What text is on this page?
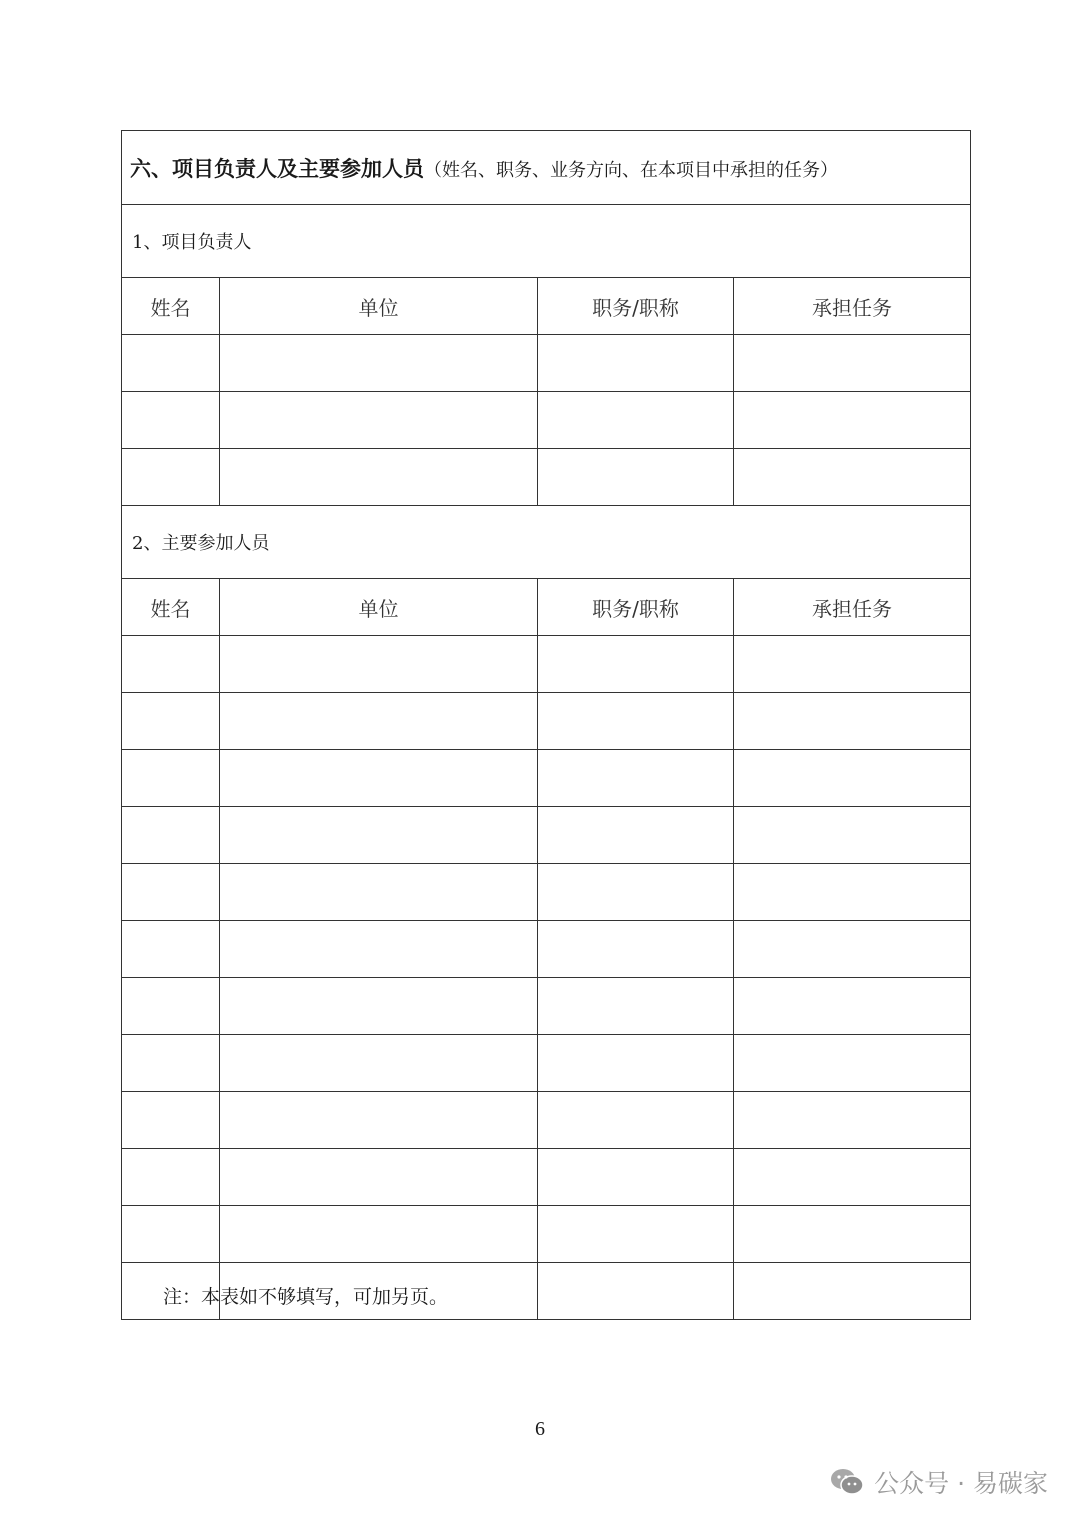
六、项目负责人及主要参加人员（姓名、职务、业务方向、在本项目中承担的任务）			
1、项目负责人			
姓名	单位	职务/职称	承担任务

2、主要参加人员			
姓名	单位	职务/职称	承担任务

注：本表如不够填写，可加另页。
6
公众号 · 易碳家
